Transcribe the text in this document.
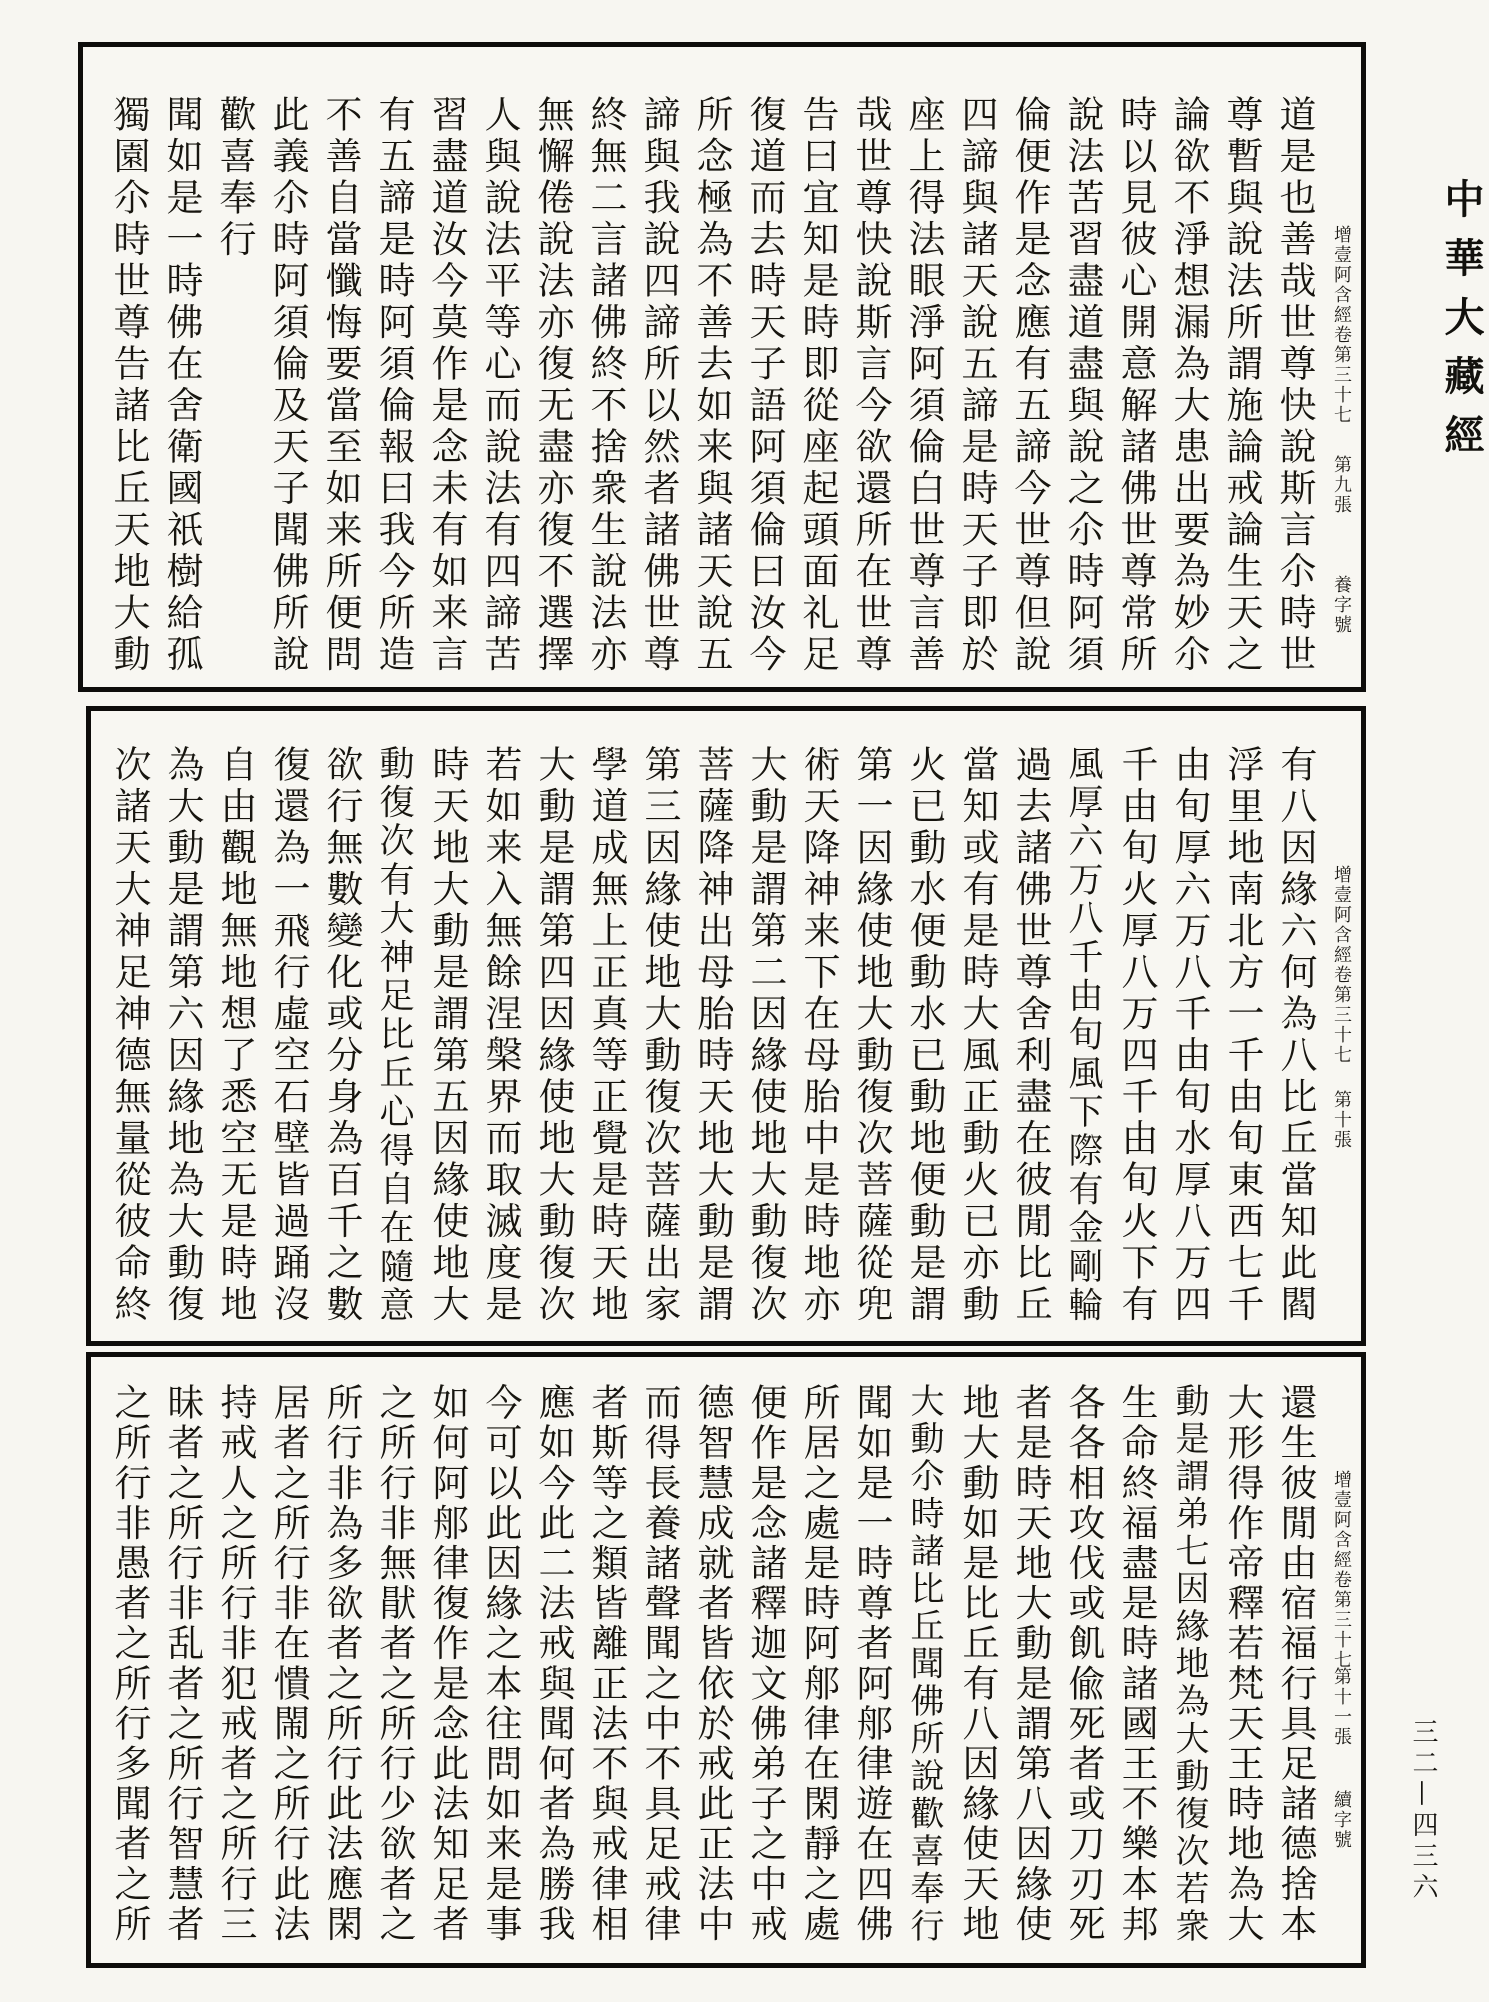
增壹阿含經卷第三十七
第九張
養字號
道是也善哉世尊快說斯言尒時世
尊暫與說法所謂施論戒論生天之
論欲不淨想漏為大患出要為妙尒
時以見彼心開意解諸佛世尊常所
說法苦習盡道盡與說之尒時阿須
倫便作是念應有五諦今世尊但說
四諦與諸天說五諦是時天子即於
座上得法眼淨阿須倫白世尊言善
哉世尊快說斯言今欲還所在世尊
告曰宜知是時即從座起頭面礼足
復道而去時天子語阿須倫曰汝今
所念極為不善去如来與諸天說五
諦與我說四諦所以然者諸佛世尊
終無二言諸佛終不捨衆生說法亦
無懈倦說法亦復无盡亦復不選擇
人與說法平等心而說法有四諦苦
習盡道汝今莫作是念未有如来言
有五諦是時阿須倫報曰我今所造
不善自當懺悔要當至如来所便問
此義尒時阿須倫及天子聞佛所說
歡喜奉行
聞如是一時佛在舍衛國祇樹給孤
獨園尒時世尊告諸比丘天地大動
增壹阿含經卷第三十七
第十張
有八因緣六何為八比丘當知此閻
浮里地南北方一千由旬東西七千
由旬厚六万八千由旬水厚八万四
千由旬火厚八万四千由旬火下有
風厚六万八千由旬風下際有金剛輪
過去諸佛世尊舍利盡在彼閒比丘
當知或有是時大風正動火已亦動
火已動水便動水已動地便動是謂
第一因緣使地大動復次菩薩從兜
術天降神来下在母胎中是時地亦
大動是謂第二因緣使地大動復次
菩薩降神出母胎時天地大動是謂
第三因緣使地大動復次菩薩出家
學道成無上正真等正覺是時天地
大動是謂第四因緣使地大動復次
若如来入無餘涅槃界而取滅度是
時天地大動是謂第五因緣使地大
動復次有大神足比丘心得自在隨意
欲行無數變化或分身為百千之數
復還為一飛行虛空石壁皆過踊沒
自由觀地無地想了悉空无是時地
為大動是謂第六因緣地為大動復
次諸天大神足神德無量從彼命終
增壹阿含經卷第三十七
第十一張
續字號
還生彼閒由宿福行具足諸德捨本
大形得作帝釋若梵天王時地為大
動是謂弟七因緣地為大動復次若衆
生命終福盡是時諸國王不樂本邦
各各相攻伐或飢偸死者或刀刃死
者是時天地大動是謂第八因緣使
地大動如是比丘有八因緣使天地
大動尒時諸比丘聞佛所說歡喜奉行
聞如是一時尊者阿郍律遊在四佛
所居之處是時阿郍律在閑靜之處
便作是念諸釋迦文佛弟子之中戒
德智慧成就者皆依於戒此正法中
而得長養諸聲聞之中不具足戒律
者斯等之類皆離正法不與戒律相
應如今此二法戒與聞何者為勝我
今可以此因緣之本往問如来是事
如何阿郍律復作是念此法知足者
之所行非無猒者之所行少欲者之
所行非為多欲者之所行此法應閑
居者之所行非在憒閙之所行此法
持戒人之所行非犯戒者之所行三
昧者之所行非乱者之所行智慧者
之所行非愚者之所行多聞者之所
中華大藏經
三二—四三六
